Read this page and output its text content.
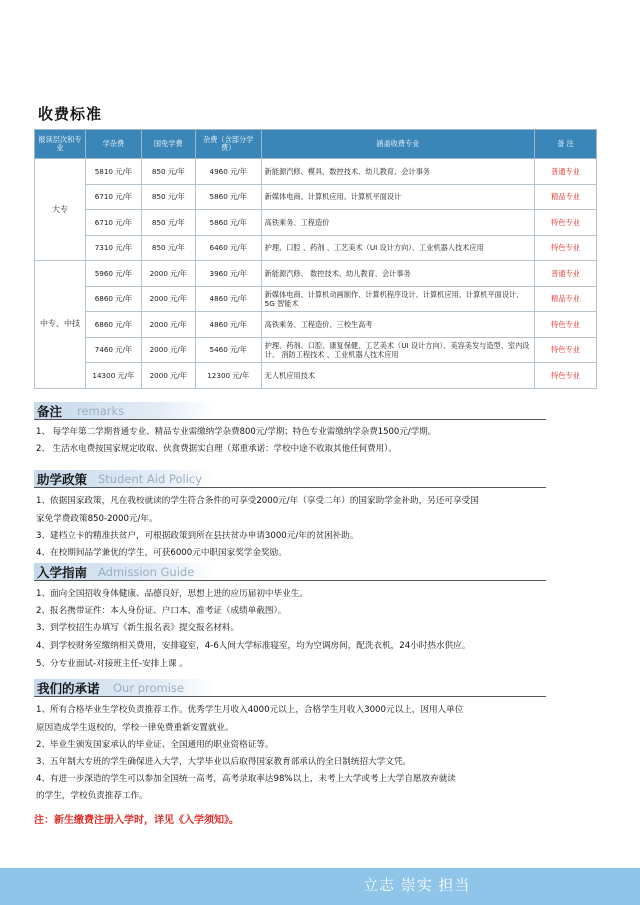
收费标准
报读层次和专业	学杂费	国免学费	杂费（含部分学费）	涵盖收费专业	备 注
大专	5810 元/年	850 元/年	4960 元/年	新能源汽修、模具、数控技术、幼儿教育、会计事务	普通专业
	6710 元/年	850 元/年	5860 元/年	新媒体电商、计算机应用、计算机平面设计	精品专业
	6710 元/年	850 元/年	5860 元/年	高铁乘务、工程造价	特色专业
	7310 元/年	850 元/年	6460 元/年	护理、口腔 、药剂 、工艺美术（UI 设计方向）、工业机器人技术应用	特色专业
中专、中技	5960 元/年	2000 元/年	3960 元/年	新能源汽修、 数控技术、幼儿教育、会计事务	普通专业
	6860 元/年	2000 元/年	4860 元/年	新媒体电商、计算机动画制作、计算机程序设计、计算机应用、计算机平面设计、5G 智能术	精品专业
	6860 元/年	2000 元/年	4860 元/年	高铁乘务、工程造价、三校生高考	特色专业
	7460 元/年	2000 元/年	5460 元/年	护理、药剂、口腔、康复保健、工艺美术（UI 设计方向）、美容美发与造型、室内设计、 消防工程技术 、工业机器人技术应用	特色专业
	14300 元/年	2000 元/年	12300 元/年	无人机应用技术	特色专业
备注 remarks
1、 每学年第二学期普通专业、精品专业需缴纳学杂费800元/学期；特色专业需缴纳学杂费1500元/学期。
2、 生活水电费按国家规定收取、伙食费据实自理（郑重承诺：学校中途不收取其他任何费用）。
助学政策 Student Aid Policy
1、依据国家政策，凡在我校就读的学生符合条件的可享受2000元/年（享受二年）的国家助学金补助，另还可享受国
家免学费政策850-2000元/年。
3、建档立卡的精准扶贫户，可根据政策到所在县扶贫办申请3000元/年的贫困补助。
4、在校期间品学兼优的学生，可获6000元中职国家奖学金奖励。
入学指南 Admission Guide
1、面向全国招收身体健康、品德良好，思想上进的应历届初中毕业生。
2、报名携带证件：本人身份证、户口本、准考证（成绩单截图）。
3、到学校招生办填写《新生报名表》提交报名材料。
4、到学校财务室缴纳相关费用，安排寝室，4-6人间大学标准寝室，均为空调房间，配洗衣机，24小时热水供应。
5、分专业面试-对接班主任-安排上课 。
我们的承诺 Our promise
1、所有合格毕业生学校负责推荐工作。优秀学生月收入4000元以上，合格学生月收入3000元以上，因用人单位
原因造成学生返校的，学校一律免费重新安置就业。
2、毕业生颁发国家承认的毕业证、全国通用的职业资格证等。
3、五年制大专班的学生确保进入大学，大学毕业以后取得国家教育部承认的全日制统招大学文凭。
4、有进一步深造的学生可以参加全国统一高考，高考录取率达98%以上，未考上大学或考上大学自愿放弃就读
的学生，学校负责推荐工作。
注：新生缴费注册入学时，详见《入学须知》。
立志 崇实 担当
